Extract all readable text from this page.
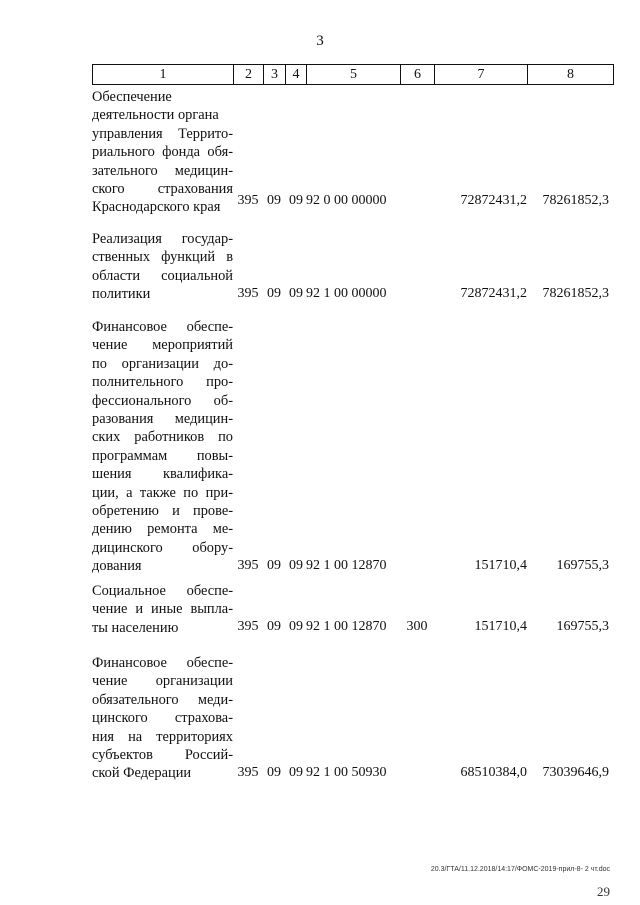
3
1	2	3	4	5	6	7	8
Обеспечение деятельности органа
управления Террито-
риального фонда обя-
зательного медицин-
ского страхования
Краснодарского края	395 09 09 92 0 00 00000	72872431,2	78261852,3
Реализация государ-
ственных функций в
области социальной
политики	395 09 09 92 1 00 00000	72872431,2	78261852,3
Финансовое обеспе-
чение мероприятий
по организации до-
полнительного про-
фессионального об-
разования медицин-
ских работников по
программам повы-
шения квалифика-
ции, а также по при-
обретению и прове-
дению ремонта ме-
дицинского обору-
дования	395 09 09 92 1 00 12870	151710,4	169755,3
Социальное обеспе-
чение и иные выпла-
ты населению	395 09 09 92 1 00 12870	300	151710,4	169755,3
Финансовое обеспе-
чение организации
обязательного меди-
цинского страхова-
ния на территориях
субъектов Россий-
ской Федерации	395 09 09 92 1 00 50930	68510384,0	73039646,9
20.3/ГТА/11.12.2018/14:17/ФОМС-2019-прил-8- 2 чт.doc
29
